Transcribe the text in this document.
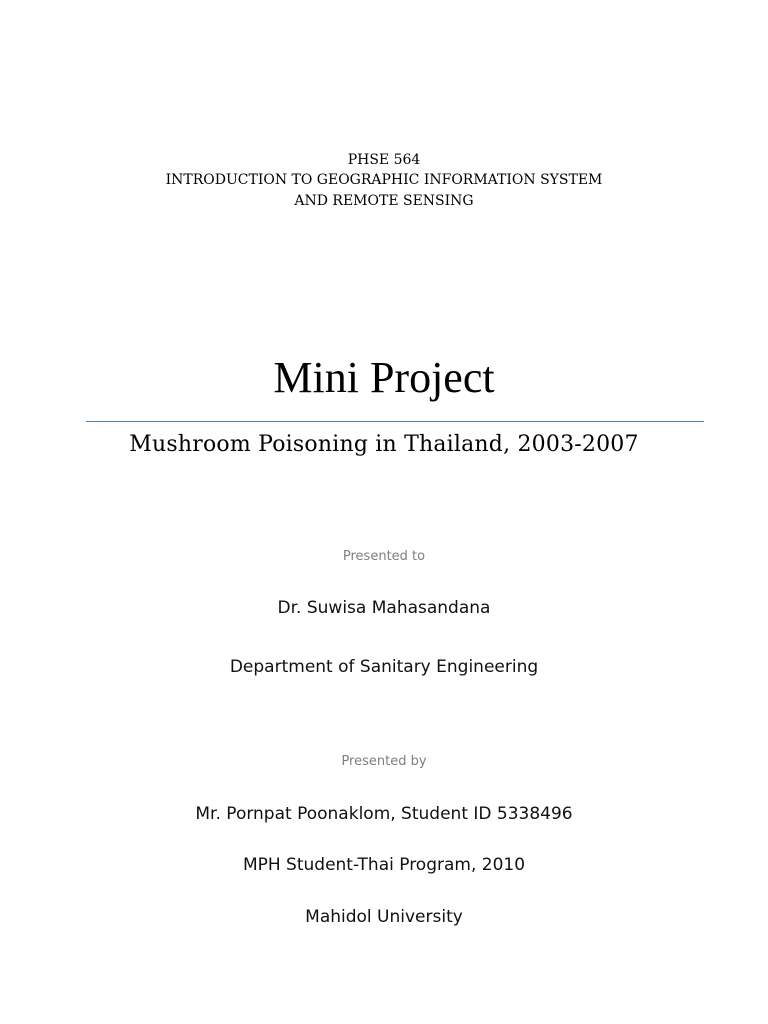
PHSE 564
INTRODUCTION TO GEOGRAPHIC INFORMATION SYSTEM
AND REMOTE SENSING
Mini Project
Mushroom Poisoning in Thailand, 2003-2007
Presented to
Dr. Suwisa Mahasandana
Department of Sanitary Engineering
Presented by
Mr. Pornpat Poonaklom, Student ID 5338496
MPH Student-Thai Program, 2010
Mahidol University
